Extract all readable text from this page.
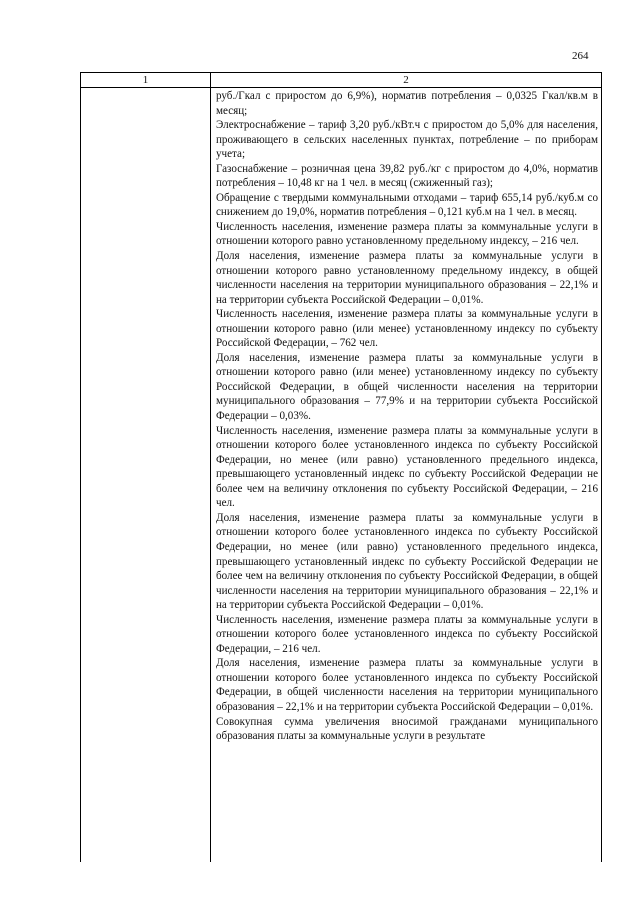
264
1	2

руб./Гкал с приростом до 6,9%), норматив потребления – 0,0325 Гкал/кв.м в месяц;

Электроснабжение – тариф 3,20 руб./кВт.ч с приростом до 5,0% для населения, проживающего в сельских населенных пунктах, потребление – по приборам учета;

Газоснабжение – розничная цена 39,82 руб./кг с приростом до 4,0%, норматив потребления – 10,48 кг на 1 чел. в месяц (сжиженный газ);

Обращение с твердыми коммунальными отходами – тариф 655,14 руб./куб.м со снижением до 19,0%, норматив потребления – 0,121 куб.м на 1 чел. в месяц.

Численность населения, изменение размера платы за коммунальные услуги в отношении которого равно установленному предельному индексу, – 216 чел.

Доля населения, изменение размера платы за коммунальные услуги в отношении которого равно установленному предельному индексу, в общей численности населения на территории муниципального образования – 22,1% и на территории субъекта Российской Федерации – 0,01%.

Численность населения, изменение размера платы за коммунальные услуги в отношении которого равно (или менее) установленному индексу по субъекту Российской Федерации, – 762 чел.

Доля населения, изменение размера платы за коммунальные услуги в отношении которого равно (или менее) установленному индексу по субъекту Российской Федерации, в общей численности населения на территории муниципального образования – 77,9% и на территории субъекта Российской Федерации – 0,03%.

Численность населения, изменение размера платы за коммунальные услуги в отношении которого более установленного индекса по субъекту Российской Федерации, но менее (или равно) установленного предельного индекса, превышающего установленный индекс по субъекту Российской Федерации не более чем на величину отклонения по субъекту Российской Федерации, – 216 чел.

Доля населения, изменение размера платы за коммунальные услуги в отношении которого более установленного индекса по субъекту Российской Федерации, но менее (или равно) установленного предельного индекса, превышающего установленный индекс по субъекту Российской Федерации не более чем на величину отклонения по субъекту Российской Федерации, в общей численности населения на территории муниципального образования – 22,1% и на территории субъекта Российской Федерации – 0,01%.

Численность населения, изменение размера платы за коммунальные услуги в отношении которого более установленного индекса по субъекту Российской Федерации, – 216 чел.

Доля населения, изменение размера платы за коммунальные услуги в отношении которого более установленного индекса по субъекту Российской Федерации, в общей численности населения на территории муниципального образования – 22,1% и на территории субъекта Российской Федерации – 0,01%.

Совокупная сумма увеличения вносимой гражданами муниципального образования платы за коммунальные услуги в результате
